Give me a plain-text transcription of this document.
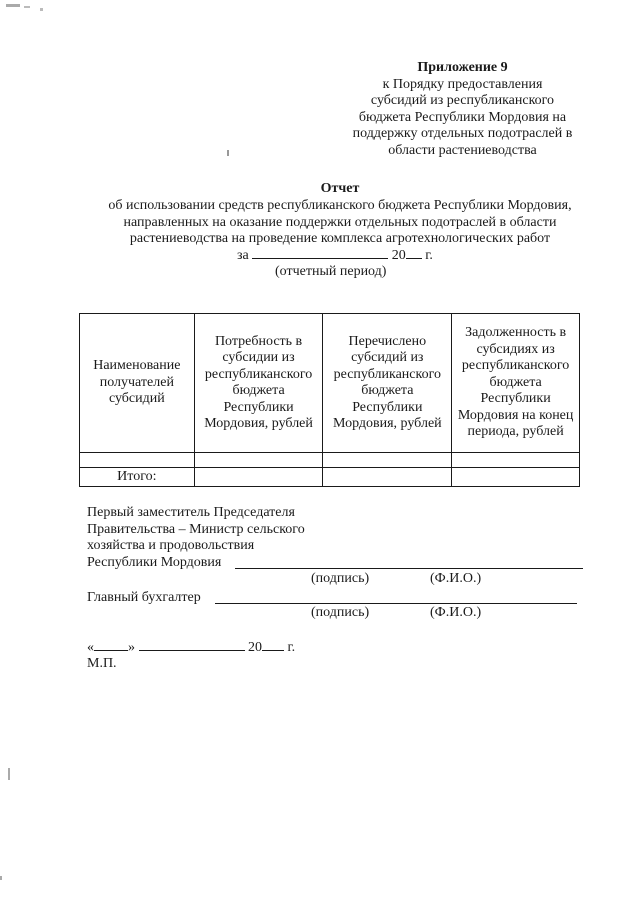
Приложение 9
к Порядку предоставления
субсидий из республиканского
бюджета Республики Мордовия на
поддержку отдельных подотраслей в
области растениеводства
Отчет
об использовании средств республиканского бюджета Республики Мордовия,
направленных на оказание поддержки отдельных подотраслей в области
растениеводства на проведение комплекса агротехнологических работ
за	20 г.
(отчетный период)
Наименование получателей субсидий	Потребность в субсидии из республиканского бюджета Республики Мордовия, рублей	Перечислено субсидий из республиканского бюджета Республики Мордовия, рублей	Задолженность в субсидиях из республиканского бюджета Республики Мордовия на конец периода, рублей

Итого:			
Первый заместитель Председателя
Правительства – Министр сельского
хозяйства и продовольствия
Республики Мордовия
(подпись)	(Ф.И.О.)
Главный бухгалтер
(подпись)	(Ф.И.О.)
« »	20 г.
М.П.
